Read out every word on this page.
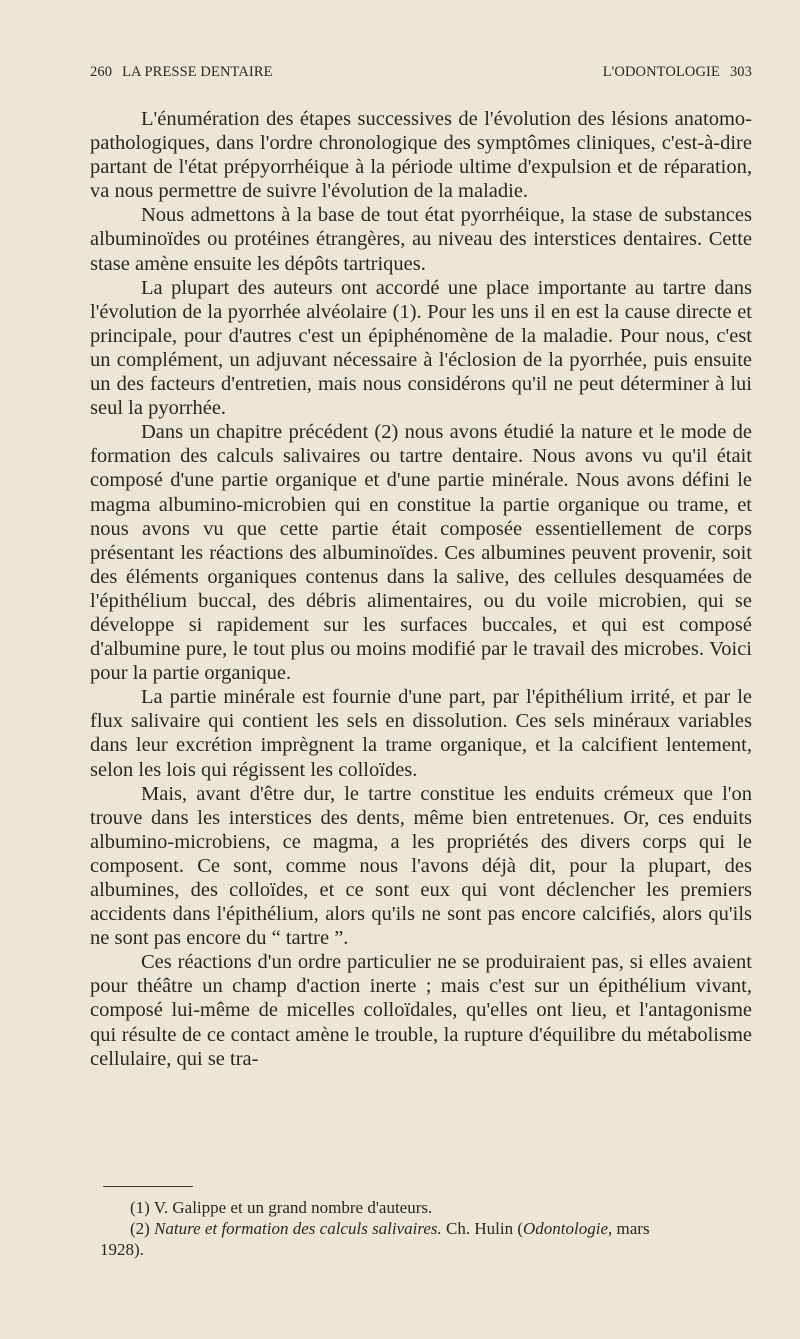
260 LA PRESSE DENTAIRE	L'ODONTOLOGIE 303

L'énumération des étapes successives de l'évolution des lésions anatomo-pathologiques, dans l'ordre chronologique des symptômes cliniques, c'est-à-dire partant de l'état prépyorrhéique à la période ultime d'expulsion et de réparation, va nous permettre de suivre l'évolution de la maladie.

Nous admettons à la base de tout état pyorrhéique, la stase de substances albuminoïdes ou protéines étrangères, au niveau des interstices dentaires. Cette stase amène ensuite les dépôts tartriques.

La plupart des auteurs ont accordé une place importante au tartre dans l'évolution de la pyorrhée alvéolaire (1). Pour les uns il en est la cause directe et principale, pour d'autres c'est un épiphénomène de la maladie. Pour nous, c'est un complément, un adjuvant nécessaire à l'éclosion de la pyorrhée, puis ensuite un des facteurs d'entretien, mais nous considérons qu'il ne peut déterminer à lui seul la pyorrhée.

Dans un chapitre précédent (2) nous avons étudié la nature et le mode de formation des calculs salivaires ou tartre dentaire. Nous avons vu qu'il était composé d'une partie organique et d'une partie minérale. Nous avons défini le magma albumino-microbien qui en constitue la partie organique ou trame, et nous avons vu que cette partie était composée essentiellement de corps présentant les réactions des albuminoïdes. Ces albumines peuvent provenir, soit des éléments organiques contenus dans la salive, des cellules desquamées de l'épithélium buccal, des débris alimentaires, ou du voile microbien, qui se développe si rapidement sur les surfaces buccales, et qui est composé d'albumine pure, le tout plus ou moins modifié par le travail des microbes. Voici pour la partie organique.

La partie minérale est fournie d'une part, par l'épithélium irrité, et par le flux salivaire qui contient les sels en dissolution. Ces sels minéraux variables dans leur excrétion imprègnent la trame organique, et la calcifient lentement, selon les lois qui régissent les colloïdes.

Mais, avant d'être dur, le tartre constitue les enduits crémeux que l'on trouve dans les interstices des dents, même bien entretenues. Or, ces enduits albumino-microbiens, ce magma, a les propriétés des divers corps qui le composent. Ce sont, comme nous l'avons déjà dit, pour la plupart, des albumines, des colloïdes, et ce sont eux qui vont déclencher les premiers accidents dans l'épithélium, alors qu'ils ne sont pas encore calcifiés, alors qu'ils ne sont pas encore du “ tartre ”.

Ces réactions d'un ordre particulier ne se produiraient pas, si elles avaient pour théâtre un champ d'action inerte ; mais c'est sur un épithélium vivant, composé lui-même de micelles colloïdales, qu'elles ont lieu, et l'antagonisme qui résulte de ce contact amène le trouble, la rupture d'équilibre du métabolisme cellulaire, qui se tra-

(1) V. Galippe et un grand nombre d'auteurs.

(2) Nature et formation des calculs salivaires. Ch. Hulin (Odontologie, mars

1928).
